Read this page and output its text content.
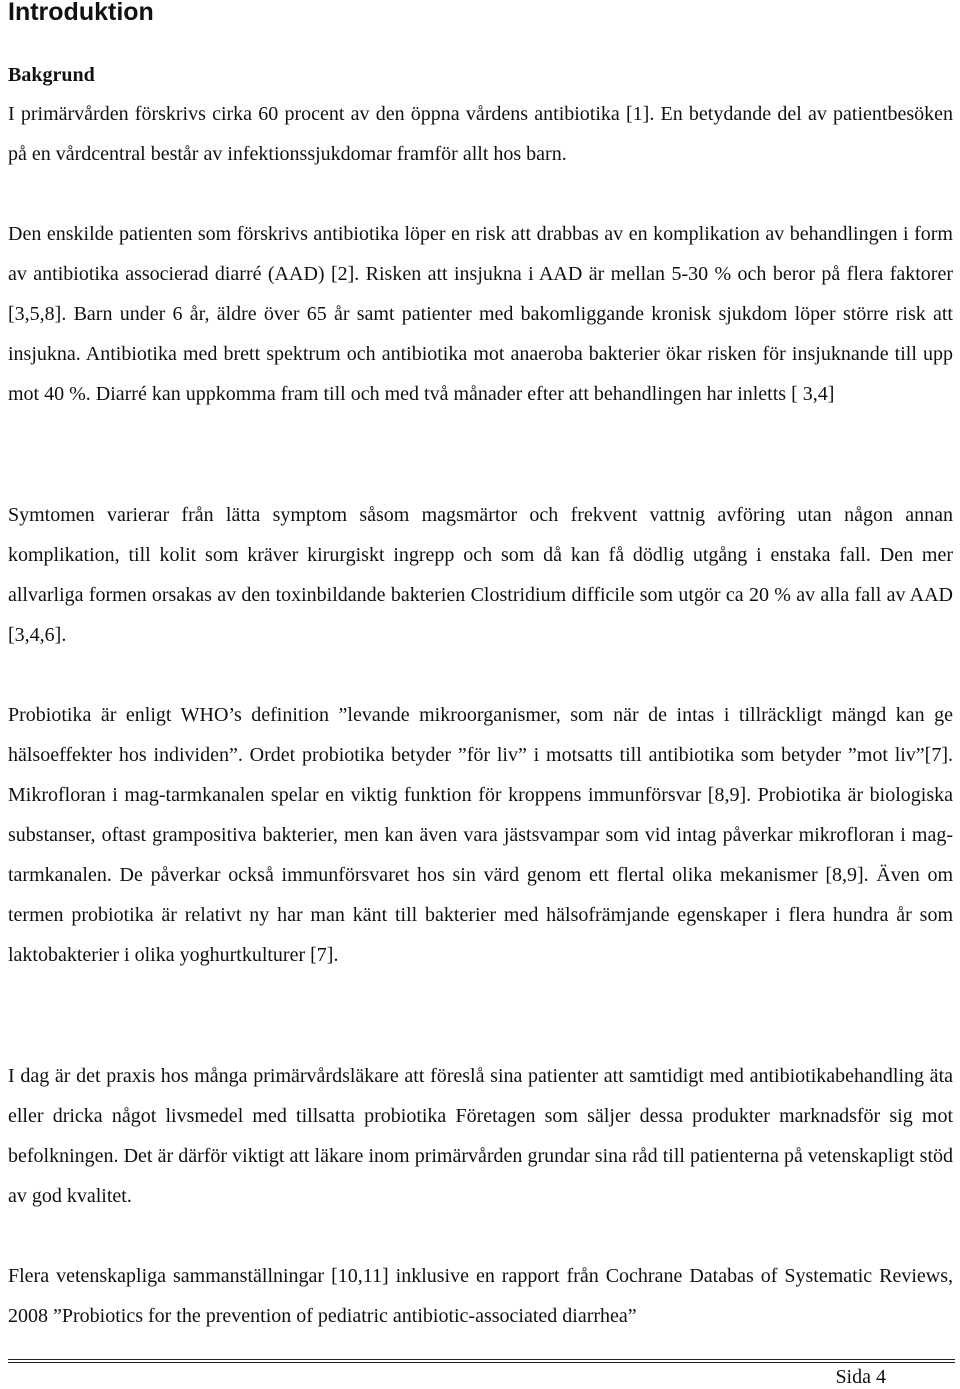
Introduktion
Bakgrund

I primärvården förskrivs cirka 60 procent av den öppna vårdens antibiotika [1]. En betydande del av patientbesöken på en vårdcentral består av infektionssjukdomar framför allt hos barn.

Den enskilde patienten som förskrivs antibiotika löper en risk att drabbas av en komplikation av behandlingen i form av antibiotika associerad diarré (AAD) [2]. Risken att insjukna i AAD är mellan 5-30 % och beror på flera faktorer [3,5,8]. Barn under 6 år, äldre över 65 år samt patienter med bakomliggande kronisk sjukdom löper större risk att insjukna. Antibiotika med brett spektrum och antibiotika mot anaeroba bakterier ökar risken för insjuknande till upp mot 40 %. Diarré kan uppkomma fram till och med två månader efter att behandlingen har inletts [ 3,4]

Symtomen varierar från lätta symptom såsom magsmärtor och frekvent vattnig avföring utan någon annan komplikation, till kolit som kräver kirurgiskt ingrepp och som då kan få dödlig utgång i enstaka fall. Den mer allvarliga formen orsakas av den toxinbildande bakterien Clostridium difficile som utgör ca 20 % av alla fall av AAD [3,4,6].

Probiotika är enligt WHO’s definition ”levande mikroorganismer, som när de intas i tillräckligt mängd kan ge hälsoeffekter hos individen”. Ordet probiotika betyder ”för liv” i motsatts till antibiotika som betyder ”mot liv”[7]. Mikrofloran i mag-tarmkanalen spelar en viktig funktion för kroppens immunförsvar [8,9]. Probiotika är biologiska substanser, oftast grampositiva bakterier, men kan även vara jästsvampar som vid intag påverkar mikrofloran i mag-tarmkanalen. De påverkar också immunförsvaret hos sin värd genom ett flertal olika mekanismer [8,9]. Även om termen probiotika är relativt ny har man känt till bakterier med hälsofrämjande egenskaper i flera hundra år som laktobakterier i olika yoghurtkulturer [7].

I dag är det praxis hos många primärvårdsläkare att föreslå sina patienter att samtidigt med antibiotikabehandling äta eller dricka något livsmedel med tillsatta probiotika Företagen som säljer dessa produkter marknadsför sig mot befolkningen. Det är därför viktigt att läkare inom primärvården grundar sina råd till patienterna på vetenskapligt stöd av god kvalitet.

Flera vetenskapliga sammanställningar [10,11] inklusive en rapport från Cochrane Databas of Systematic Reviews, 2008 ”Probiotics for the prevention of pediatric antibiotic-associated diarrhea”

Sida 4
